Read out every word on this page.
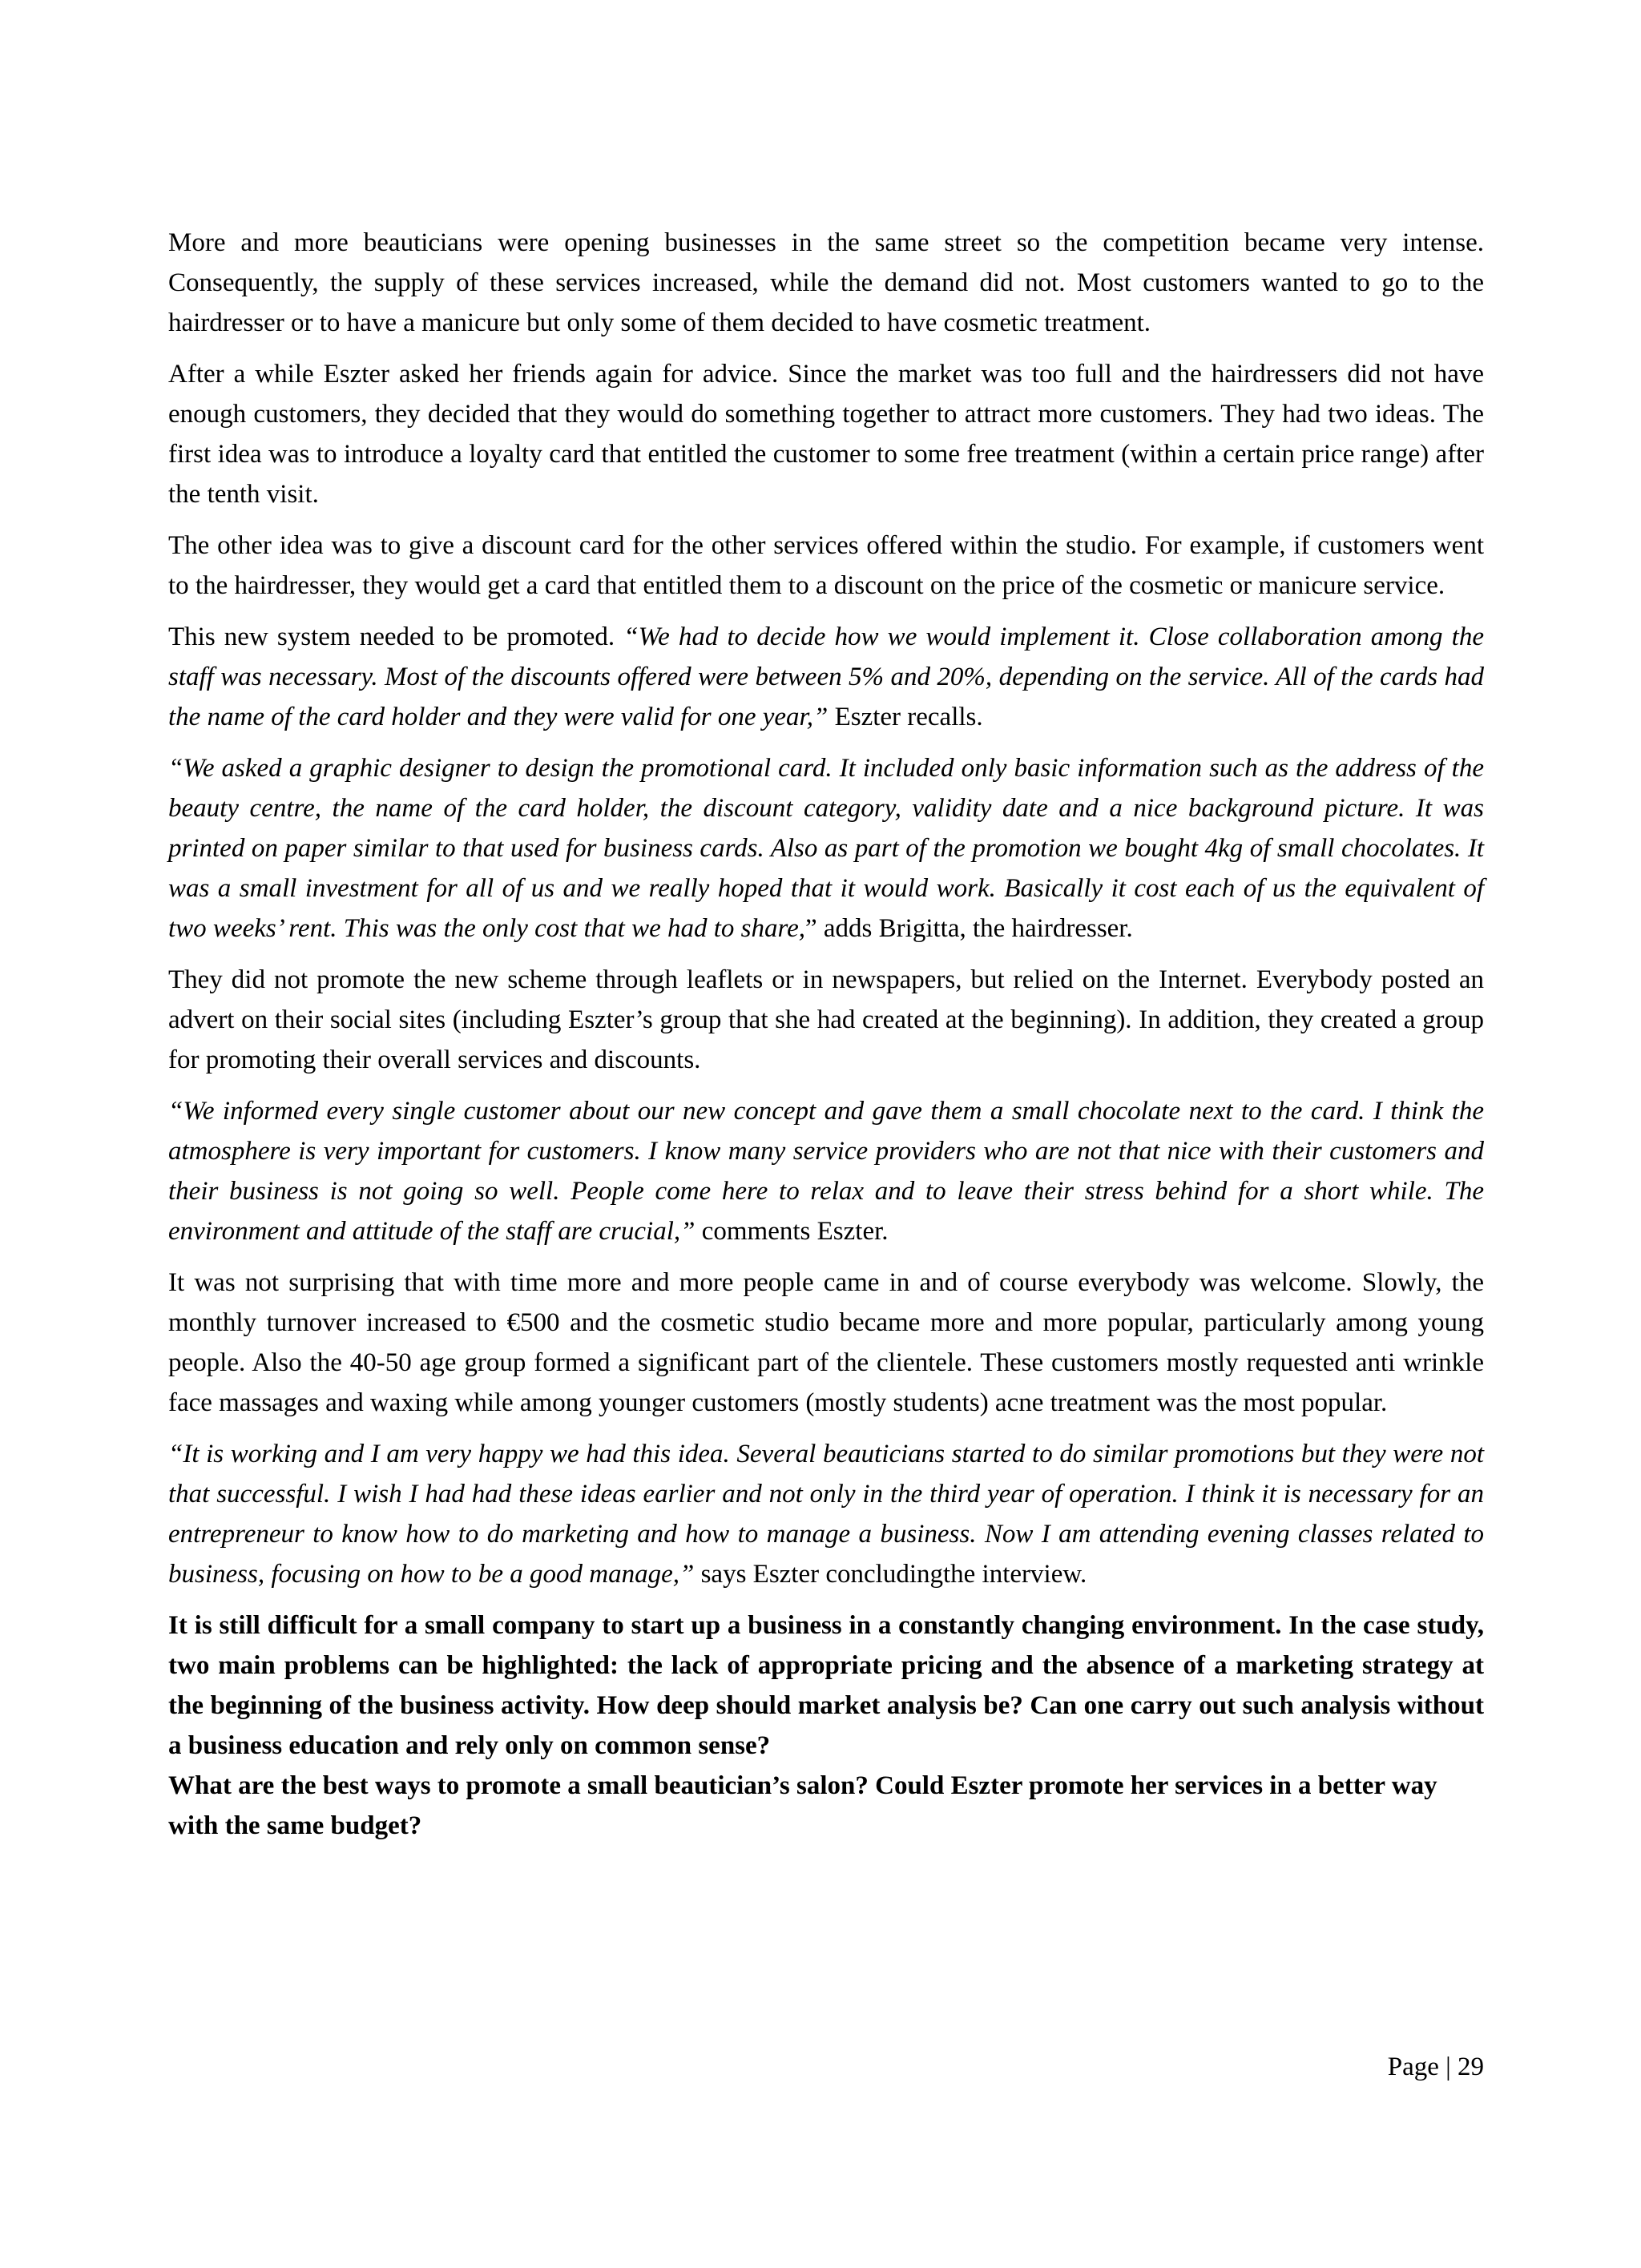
More and more beauticians were opening businesses in the same street so the competition became very intense. Consequently, the supply of these services increased, while the demand did not. Most customers wanted to go to the hairdresser or to have a manicure but only some of them decided to have cosmetic treatment.

After a while Eszter asked her friends again for advice. Since the market was too full and the hairdressers did not have enough customers, they decided that they would do something together to attract more customers. They had two ideas. The first idea was to introduce a loyalty card that entitled the customer to some free treatment (within a certain price range) after the tenth visit.

The other idea was to give a discount card for the other services offered within the studio. For example, if customers went to the hairdresser, they would get a card that entitled them to a discount on the price of the cosmetic or manicure service.

This new system needed to be promoted. “We had to decide how we would implement it. Close collaboration among the staff was necessary. Most of the discounts offered were between 5% and 20%, depending on the service. All of the cards had the name of the card holder and they were valid for one year,” Eszter recalls.

“We asked a graphic designer to design the promotional card. It included only basic information such as the address of the beauty centre, the name of the card holder, the discount category, validity date and a nice background picture. It was printed on paper similar to that used for business cards. Also as part of the promotion we bought 4kg of small chocolates. It was a small investment for all of us and we really hoped that it would work. Basically it cost each of us the equivalent of two weeks’ rent. This was the only cost that we had to share,” adds Brigitta, the hairdresser.

They did not promote the new scheme through leaflets or in newspapers, but relied on the Internet. Everybody posted an advert on their social sites (including Eszter’s group that she had created at the beginning). In addition, they created a group for promoting their overall services and discounts.

“We informed every single customer about our new concept and gave them a small chocolate next to the card. I think the atmosphere is very important for customers. I know many service providers who are not that nice with their customers and their business is not going so well. People come here to relax and to leave their stress behind for a short while. The environment and attitude of the staff are crucial,” comments Eszter.

It was not surprising that with time more and more people came in and of course everybody was welcome. Slowly, the monthly turnover increased to €500 and the cosmetic studio became more and more popular, particularly among young people. Also the 40-50 age group formed a significant part of the clientele. These customers mostly requested anti wrinkle face massages and waxing while among younger customers (mostly students) acne treatment was the most popular.

“It is working and I am very happy we had this idea. Several beauticians started to do similar promotions but they were not that successful. I wish I had had these ideas earlier and not only in the third year of operation. I think it is necessary for an entrepreneur to know how to do marketing and how to manage a business. Now I am attending evening classes related to business, focusing on how to be a good manage,” says Eszter concludingthe interview.

It is still difficult for a small company to start up a business in a constantly changing environment. In the case study, two main problems can be highlighted: the lack of appropriate pricing and the absence of a marketing strategy at the beginning of the business activity. How deep should market analysis be? Can one carry out such analysis without a business education and rely only on common sense?

What are the best ways to promote a small beautician’s salon? Could Eszter promote her services in a better way with the same budget?

Page | 29
